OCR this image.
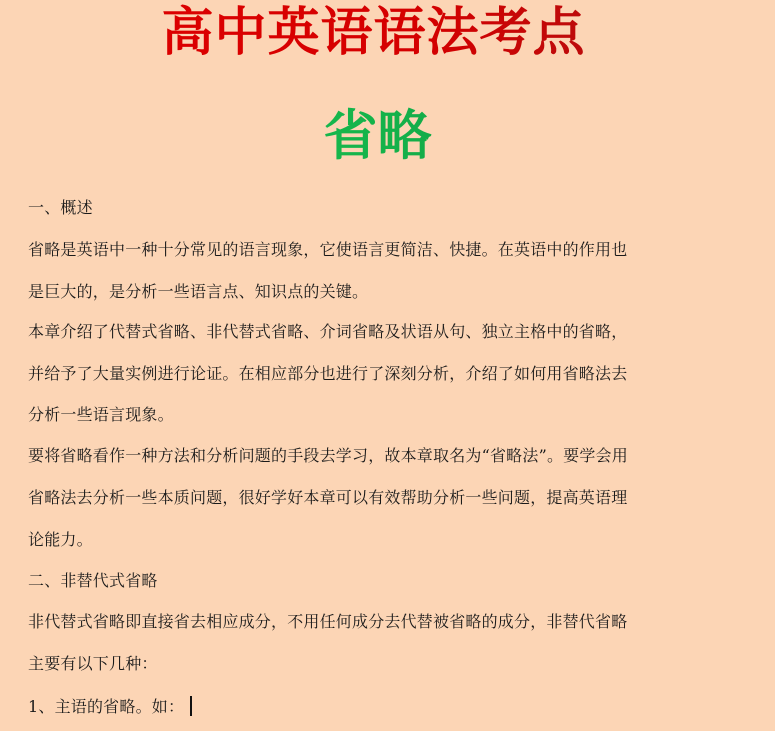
高中英语语法考点
省略
一、概述
省略是英语中一种十分常见的语言现象，它使语言更简洁、快捷。在英语中的作用也
是巨大的，是分析一些语言点、知识点的关键。
本章介绍了代替式省略、非代替式省略、介词省略及状语从句、独立主格中的省略，
并给予了大量实例进行论证。在相应部分也进行了深刻分析，介绍了如何用省略法去
分析一些语言现象。
要将省略看作一种方法和分析问题的手段去学习，故本章取名为“省略法”。要学会用
省略法去分析一些本质问题，很好学好本章可以有效帮助分析一些问题，提高英语理
论能力。
二、非替代式省略
非代替式省略即直接省去相应成分，不用任何成分去代替被省略的成分，非替代省略
主要有以下几种：
1、主语的省略。如：
